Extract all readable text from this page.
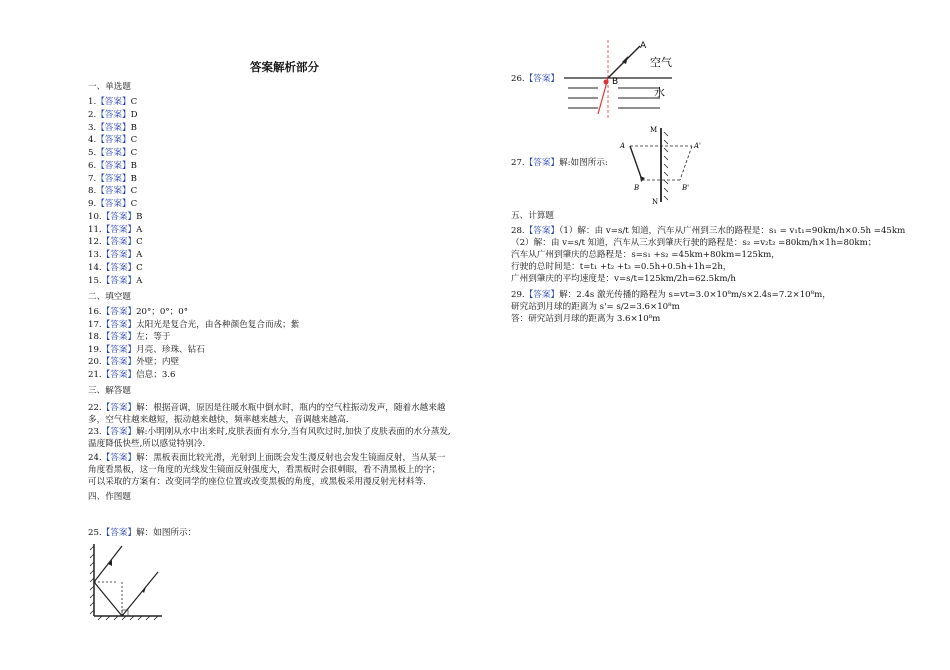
答案解析部分
一、单选题
1.【答案】C
2.【答案】D
3.【答案】B
4.【答案】C
5.【答案】C
6.【答案】B
7.【答案】B
8.【答案】C
9.【答案】C
10.【答案】B
11.【答案】A
12.【答案】C
13.【答案】A
14.【答案】C
15.【答案】A
二、填空题
16.【答案】20°；0°；0°
17.【答案】太阳光是复合光，由各种颜色复合而成；紫
18.【答案】左；等于
19.【答案】月亮、珍珠、钻石
20.【答案】外壁；内壁
21.【答案】信息；3.6
三、解答题
22.【答案】解：根据音调，原因是往暖水瓶中倒水时，瓶内的空气柱振动发声，随着水越来越
多，空气柱越来越短，振动越来越快，频率越来越大，音调越来越高．
23.【答案】解:小明刚从水中出来时,皮肤表面有水分,当有风吹过时,加快了皮肤表面的水分蒸发,
温度降低快些,所以感觉特别冷.
24.【答案】解：黑板表面比较光滑，光射到上面既会发生漫反射也会发生镜面反射，当从某一
角度看黑板，这一角度的光线发生镜面反射强度大，看黑板时会很刺眼，看不清黑板上的字；
可以采取的方案有：改变同学的座位位置或改变黑板的角度，或黑板采用漫反射光材料等．
四、作图题
25.【答案】解：如图所示：
26.【答案】
A
B
空气
水
27.【答案】解:如图所示:
M
N
A	A'
B	B'
五、计算题
28.【答案】（1）解：由 v=s/t 知道，汽车从广州到三水的路程是：s₁ = v₁t₁=90km/h×0.5h =45km
（2）解：由 v=s/t 知道，汽车从三水到肇庆行驶的路程是：s₂ =v₂t₂ =80km/h×1h=80km；
汽车从广州到肇庆的总路程是：s=s₁ +s₂ =45km+80km=125km，
行驶的总时间是：t=t₁ +t₂ +t₃ =0.5h+0.5h+1h=2h，
广州到肇庆的平均速度是：v=s/t=125km/2h=62.5km/h
29.【答案】解：2.4s 激光传播的路程为 s=vt=3.0×10⁸m/s×2.4s=7.2×10⁸m，
研究站到月球的距离为 s'= s/2=3.6×10⁸m
答：研究站到月球的距离为 3.6×10⁸m
